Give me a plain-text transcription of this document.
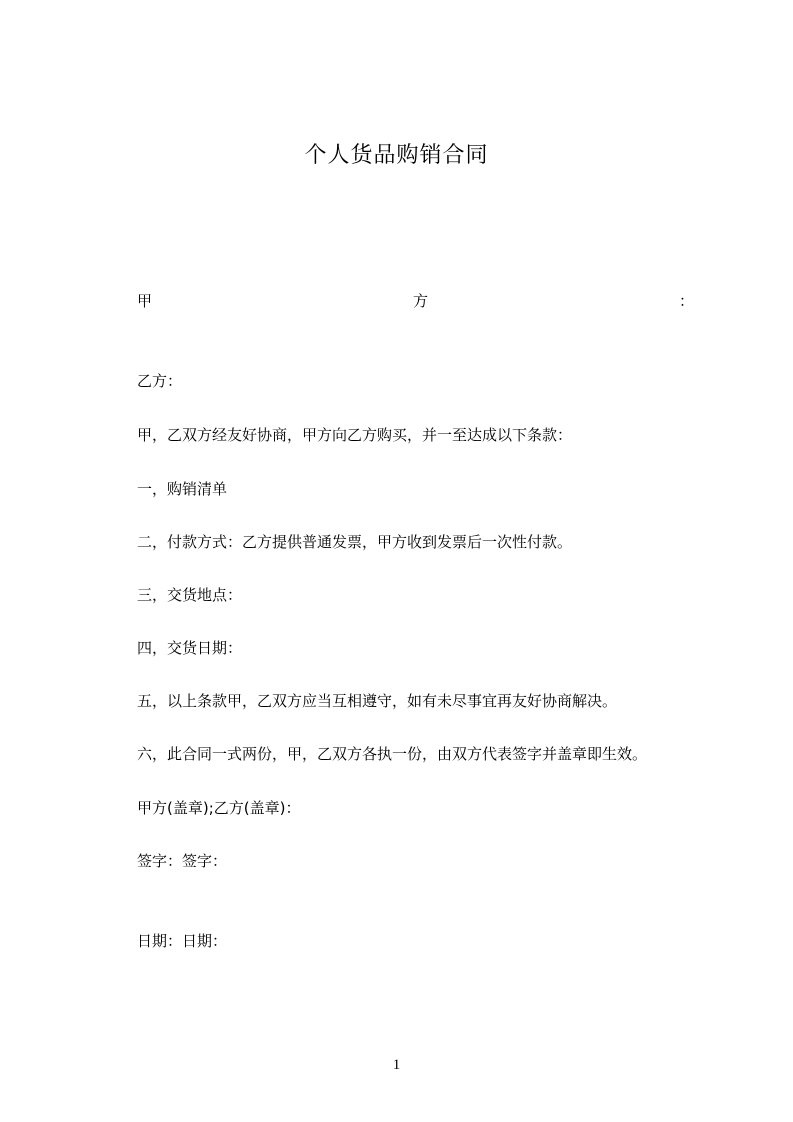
个人货品购销合同
甲	方	：
乙方：
甲，乙双方经友好协商，甲方向乙方购买，并一至达成以下条款：
一，购销清单
二，付款方式：乙方提供普通发票，甲方收到发票后一次性付款。
三，交货地点：
四，交货日期：
五，以上条款甲，乙双方应当互相遵守，如有未尽事宜再友好协商解决。
六，此合同一式两份，甲，乙双方各执一份，由双方代表签字并盖章即生效。
甲方(盖章);乙方(盖章)：
签字：签字：
日期：日期：
1
